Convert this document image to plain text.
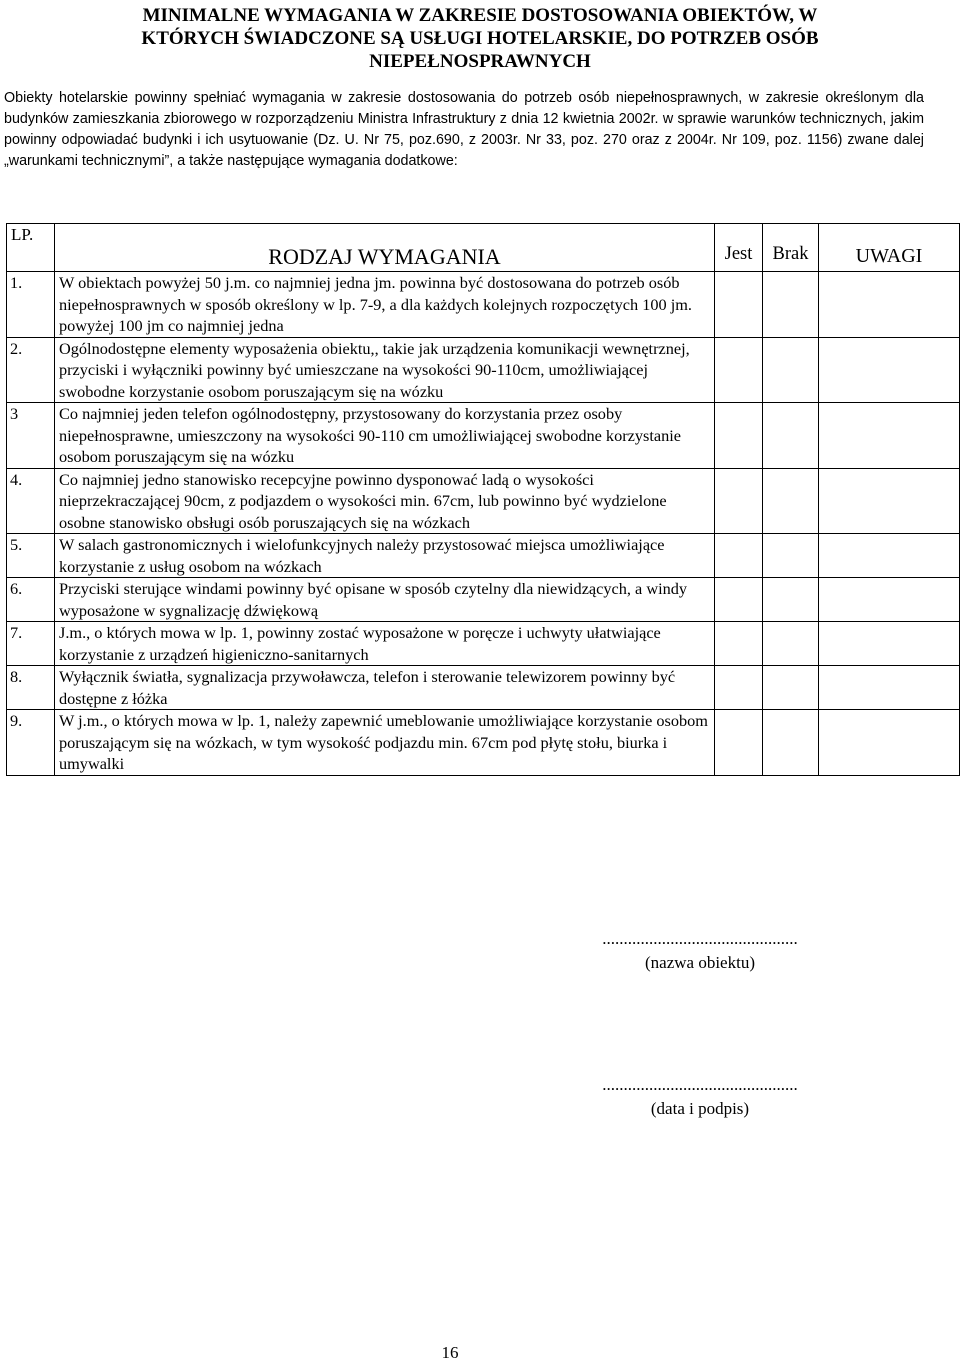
MINIMALNE WYMAGANIA W ZAKRESIE DOSTOSOWANIA OBIEKTÓW, W
KTÓRYCH ŚWIADCZONE SĄ USŁUGI HOTELARSKIE, DO POTRZEB OSÓB
NIEPEŁNOSPRAWNYCH
Obiekty hotelarskie powinny spełniać wymagania w zakresie dostosowania do potrzeb osób niepełnosprawnych, w zakresie określonym dla budynków zamieszkania zbiorowego w rozporządzeniu Ministra Infrastruktury z dnia 12 kwietnia 2002r. w sprawie warunków technicznych, jakim powinny odpowiadać budynki i ich usytuowanie (Dz. U. Nr 75, poz.690, z 2003r. Nr 33, poz. 270 oraz z 2004r. Nr 109, poz. 1156) zwane dalej „warunkami technicznymi”, a także następujące wymagania dodatkowe:
LP.	RODZAJ WYMAGANIA	Jest	Brak	UWAGI
1.	W obiektach powyżej 50 j.m. co najmniej jedna jm. powinna być dostosowana do potrzeb osób niepełnosprawnych w sposób określony w lp. 7-9, a dla każdych kolejnych rozpoczętych 100 jm. powyżej 100 jm co najmniej jedna			
2.	Ogólnodostępne elementy wyposażenia obiektu,, takie jak urządzenia komunikacji wewnętrznej, przyciski i wyłączniki powinny być umieszczane na wysokości 90-110cm, umożliwiającej swobodne korzystanie osobom poruszającym się na wózku			
3	Co najmniej jeden telefon ogólnodostępny, przystosowany do korzystania przez osoby niepełnosprawne, umieszczony na wysokości 90-110 cm umożliwiającej swobodne korzystanie osobom poruszającym się na wózku			
4.	Co najmniej jedno stanowisko recepcyjne powinno dysponować ladą o wysokości nieprzekraczającej 90cm, z podjazdem o wysokości min. 67cm, lub powinno być wydzielone osobne stanowisko obsługi osób poruszających się na wózkach			
5.	W salach gastronomicznych i wielofunkcyjnych należy przystosować miejsca umożliwiające korzystanie z usług osobom na wózkach			
6.	Przyciski sterujące windami powinny być opisane w sposób czytelny dla niewidzących, a windy wyposażone w sygnalizację dźwiękową			
7.	J.m., o których mowa w lp. 1, powinny zostać wyposażone w poręcze i uchwyty ułatwiające korzystanie z urządzeń higieniczno-sanitarnych			
8.	Wyłącznik światła, sygnalizacja przywoławcza, telefon i sterowanie telewizorem powinny być dostępne z łóżka			
9.	W j.m., o których mowa w lp. 1, należy zapewnić umeblowanie umożliwiające korzystanie osobom poruszającym się na wózkach, w tym wysokość podjazdu min. 67cm pod płytę stołu, biurka i umywalki			
..............................................
(nazwa obiektu)
..............................................
(data i podpis)
16
